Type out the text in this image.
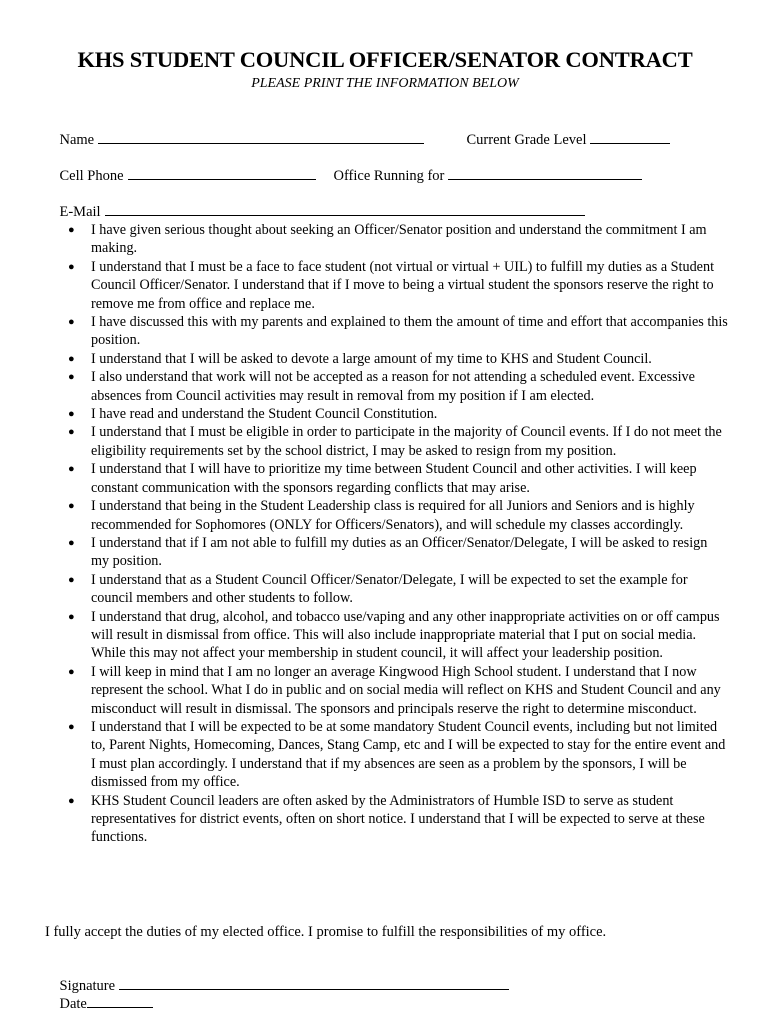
KHS STUDENT COUNCIL OFFICER/SENATOR CONTRACT
PLEASE PRINT THE INFORMATION BELOW

Name
	Current Grade Level

Cell Phone
	Office Running for

E-Mail

● I have given serious thought about seeking an Officer/Senator position and understand the commitment I am making.
● I understand that I must be a face to face student (not virtual or virtual + UIL) to fulfill my duties as a Student Council Officer/Senator. I understand that if I move to being a virtual student the sponsors reserve the right to remove me from office and replace me.
● I have discussed this with my parents and explained to them the amount of time and effort that accompanies this position.
● I understand that I will be asked to devote a large amount of my time to KHS and Student Council.
● I also understand that work will not be accepted as a reason for not attending a scheduled event. Excessive absences from Council activities may result in removal from my position if I am elected.
● I have read and understand the Student Council Constitution.
● I understand that I must be eligible in order to participate in the majority of Council events. If I do not meet the eligibility requirements set by the school district, I may be asked to resign from my position.
● I understand that I will have to prioritize my time between Student Council and other activities. I will keep constant communication with the sponsors regarding conflicts that may arise.
● I understand that being in the Student Leadership class is required for all Juniors and Seniors and is highly recommended for Sophomores (ONLY for Officers/Senators), and will schedule my classes accordingly.
● I understand that if I am not able to fulfill my duties as an Officer/Senator/Delegate, I will be asked to resign my position.
● I understand that as a Student Council Officer/Senator/Delegate, I will be expected to set the example for council members and other students to follow.
● I understand that drug, alcohol, and tobacco use/vaping and any other inappropriate activities on or off campus will result in dismissal from office. This will also include inappropriate material that I put on social media. While this may not affect your membership in student council, it will affect your leadership position.
● I will keep in mind that I am no longer an average Kingwood High School student. I understand that I now represent the school. What I do in public and on social media will reflect on KHS and Student Council and any misconduct will result in dismissal. The sponsors and principals reserve the right to determine misconduct.
● I understand that I will be expected to be at some mandatory Student Council events, including but not limited to, Parent Nights, Homecoming, Dances, Stang Camp, etc and I will be expected to stay for the entire event and I must plan accordingly. I understand that if my absences are seen as a problem by the sponsors, I will be dismissed from my office.
● KHS Student Council leaders are often asked by the Administrators of Humble ISD to serve as student representatives for district events, often on short notice. I understand that I will be expected to serve at these functions.
I fully accept the duties of my elected office. I promise to fulfill the responsibilities of my office.

Signature
Date
